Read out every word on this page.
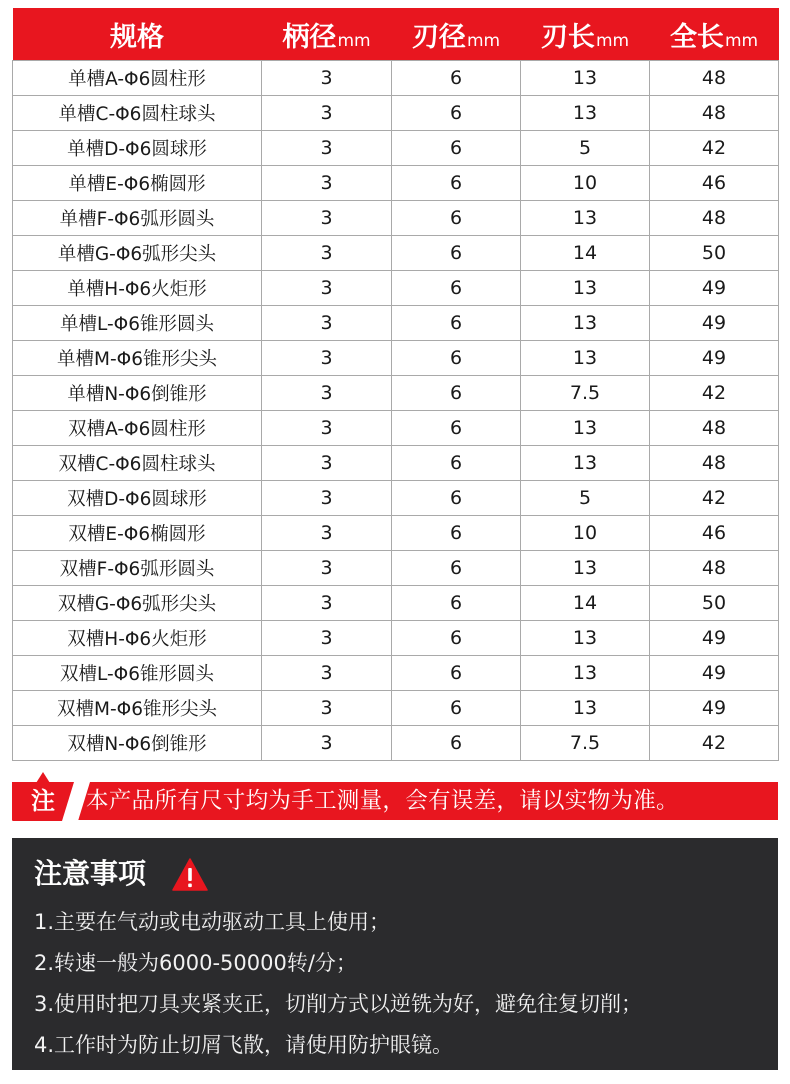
规格	柄径mm	刃径mm	刃长mm	全长mm
单槽A-Φ6圆柱形	3	6	13	48
单槽C-Φ6圆柱球头	3	6	13	48
单槽D-Φ6圆球形	3	6	5	42
单槽E-Φ6椭圆形	3	6	10	46
单槽F-Φ6弧形圆头	3	6	13	48
单槽G-Φ6弧形尖头	3	6	14	50
单槽H-Φ6火炬形	3	6	13	49
单槽L-Φ6锥形圆头	3	6	13	49
单槽M-Φ6锥形尖头	3	6	13	49
单槽N-Φ6倒锥形	3	6	7.5	42
双槽A-Φ6圆柱形	3	6	13	48
双槽C-Φ6圆柱球头	3	6	13	48
双槽D-Φ6圆球形	3	6	5	42
双槽E-Φ6椭圆形	3	6	10	46
双槽F-Φ6弧形圆头	3	6	13	48
双槽G-Φ6弧形尖头	3	6	14	50
双槽H-Φ6火炬形	3	6	13	49
双槽L-Φ6锥形圆头	3	6	13	49
双槽M-Φ6锥形尖头	3	6	13	49
双槽N-Φ6倒锥形	3	6	7.5	42
注 本产品所有尺寸均为手工测量，会有误差，请以实物为准。
注意事项
1.主要在气动或电动驱动工具上使用；
2.转速一般为6000-50000转/分；
3.使用时把刀具夹紧夹正，切削方式以逆铣为好，避免往复切削；
4.工作时为防止切屑飞散，请使用防护眼镜。
